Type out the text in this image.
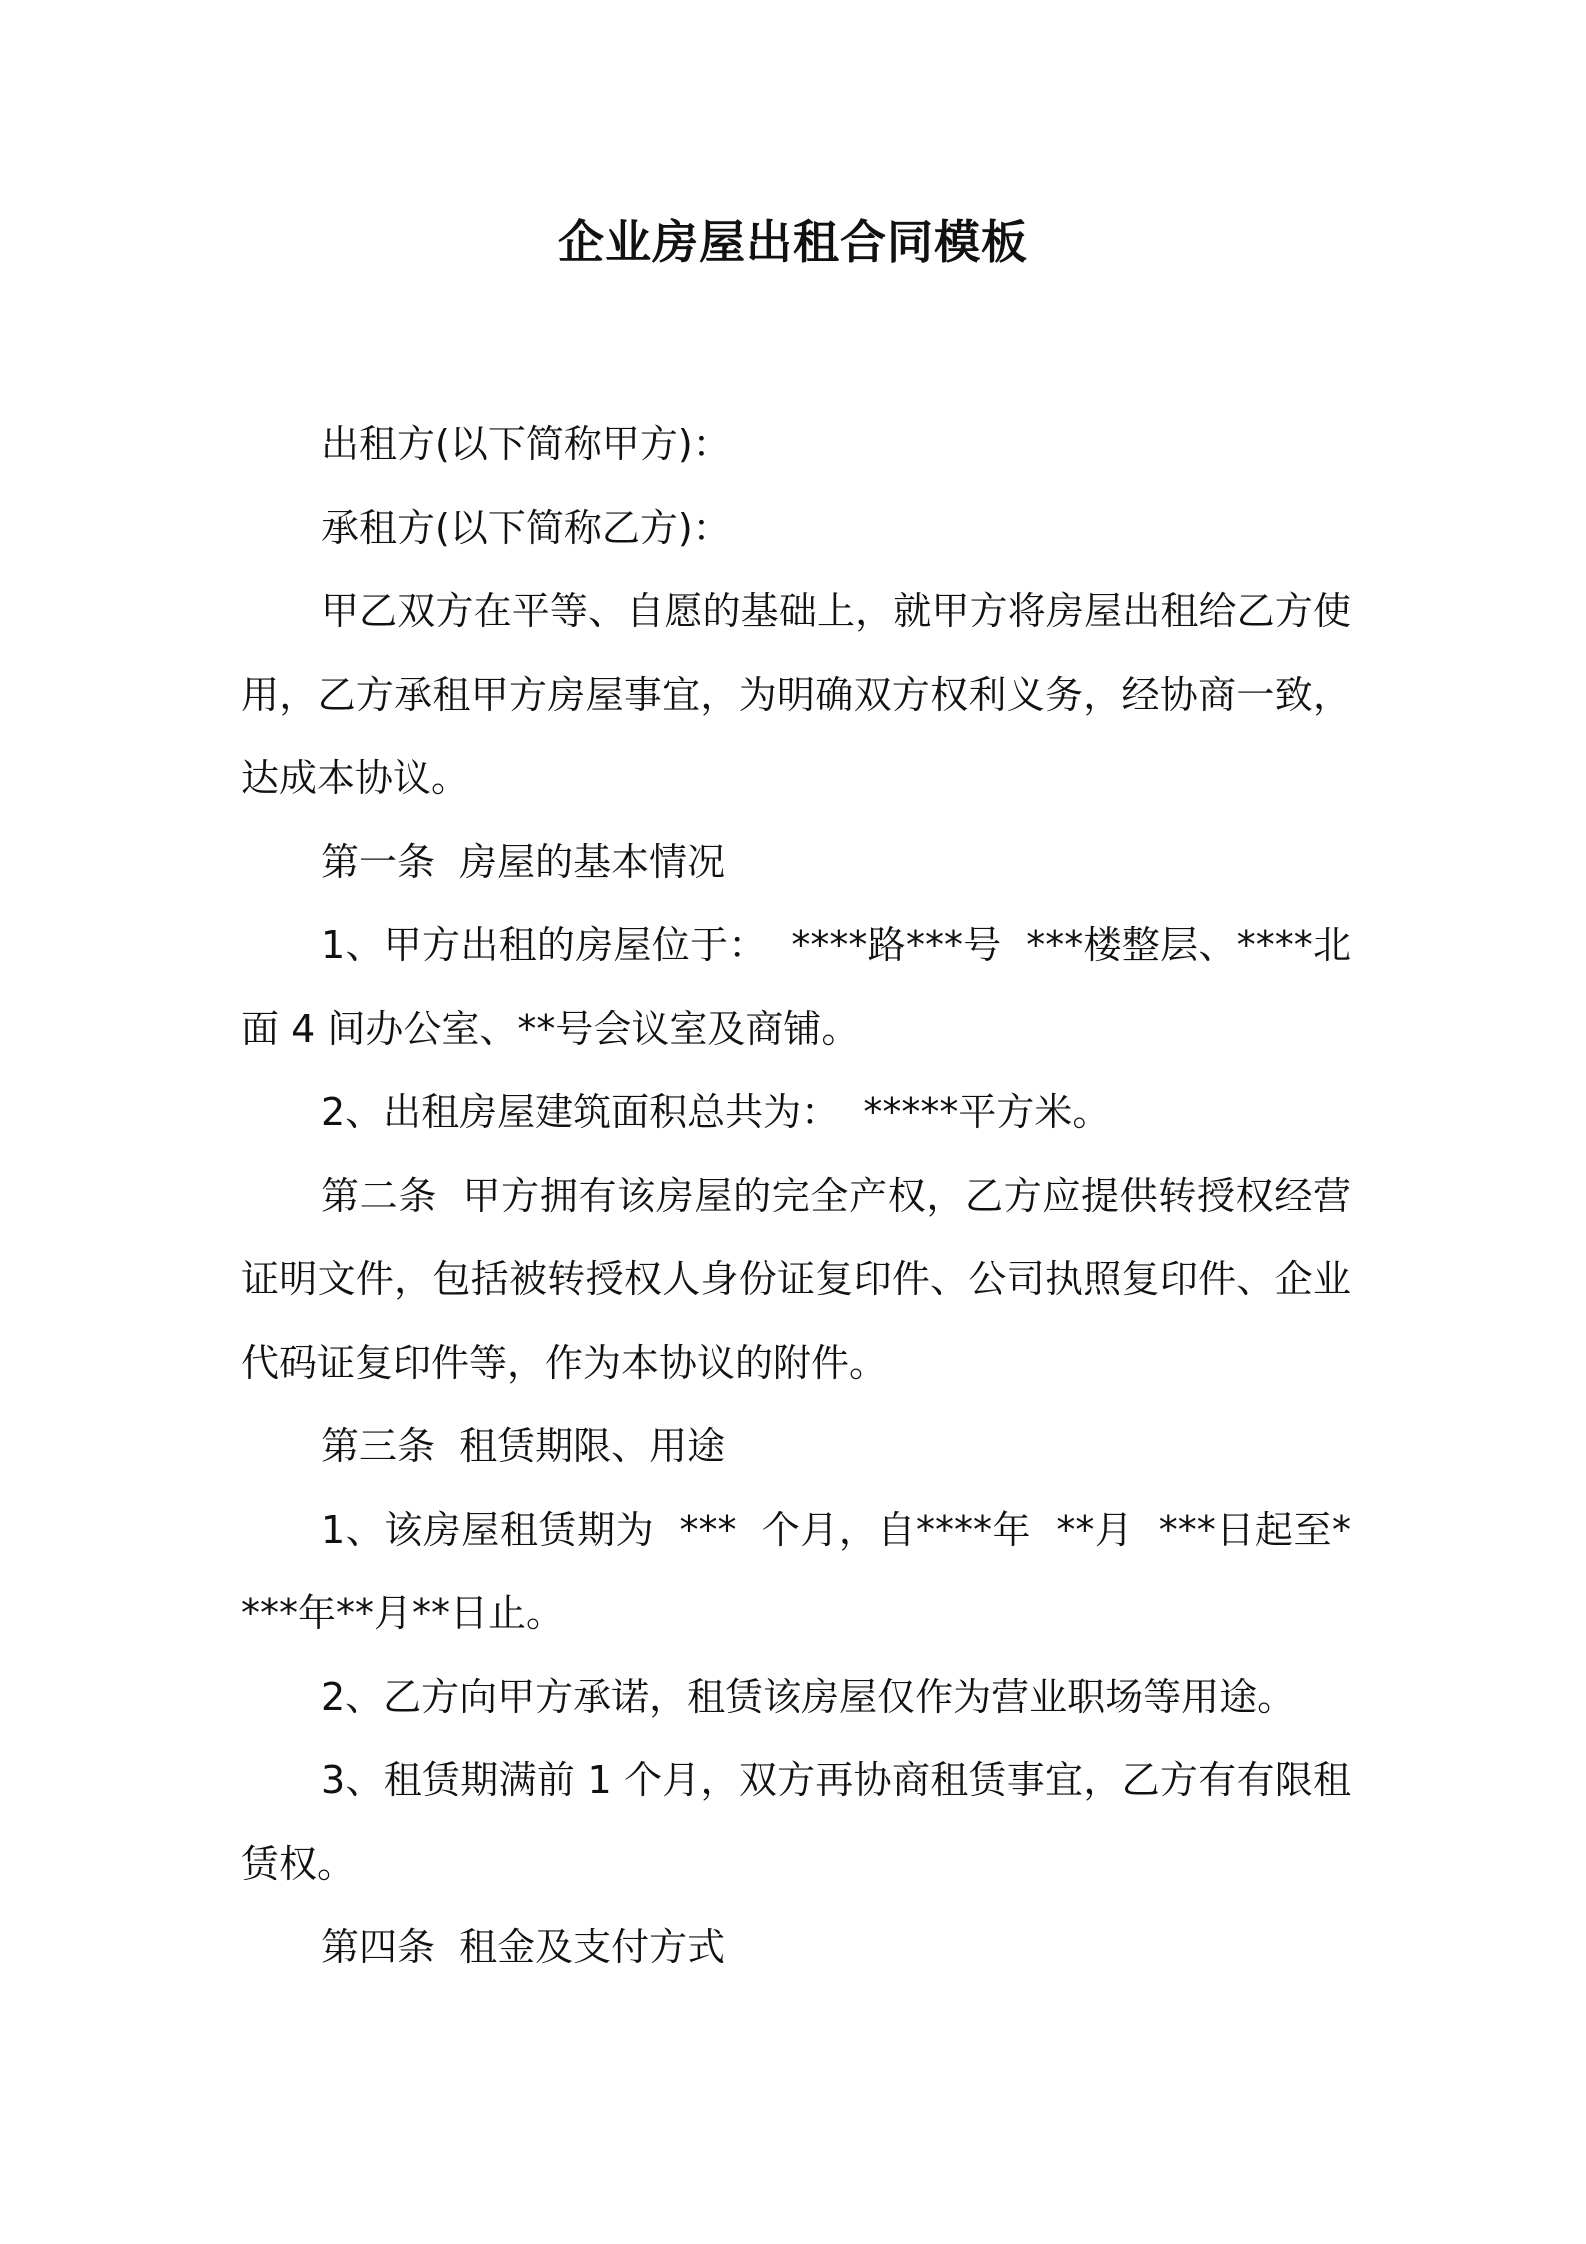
企业房屋出租合同模板

出租方(以下简称甲方)：

承租方(以下简称乙方)：

甲乙双方在平等、自愿的基础上，就甲方将房屋出租给乙方使用，乙方承租甲方房屋事宜，为明确双方权利义务，经协商一致，达成本协议。

第一条  房屋的基本情况

1、甲方出租的房屋位于：  ****路***号  ***楼整层、****北面 4 间办公室、**号会议室及商铺。

2、出租房屋建筑面积总共为：  *****平方米。

第二条  甲方拥有该房屋的完全产权，乙方应提供转授权经营证明文件，包括被转授权人身份证复印件、公司执照复印件、企业代码证复印件等，作为本协议的附件。

第三条  租赁期限、用途

1、该房屋租赁期为  ***  个月，自****年  **月  ***日起至****年**月**日止。

2、乙方向甲方承诺，租赁该房屋仅作为营业职场等用途。

3、租赁期满前 1 个月，双方再协商租赁事宜，乙方有有限租赁权。

第四条  租金及支付方式
